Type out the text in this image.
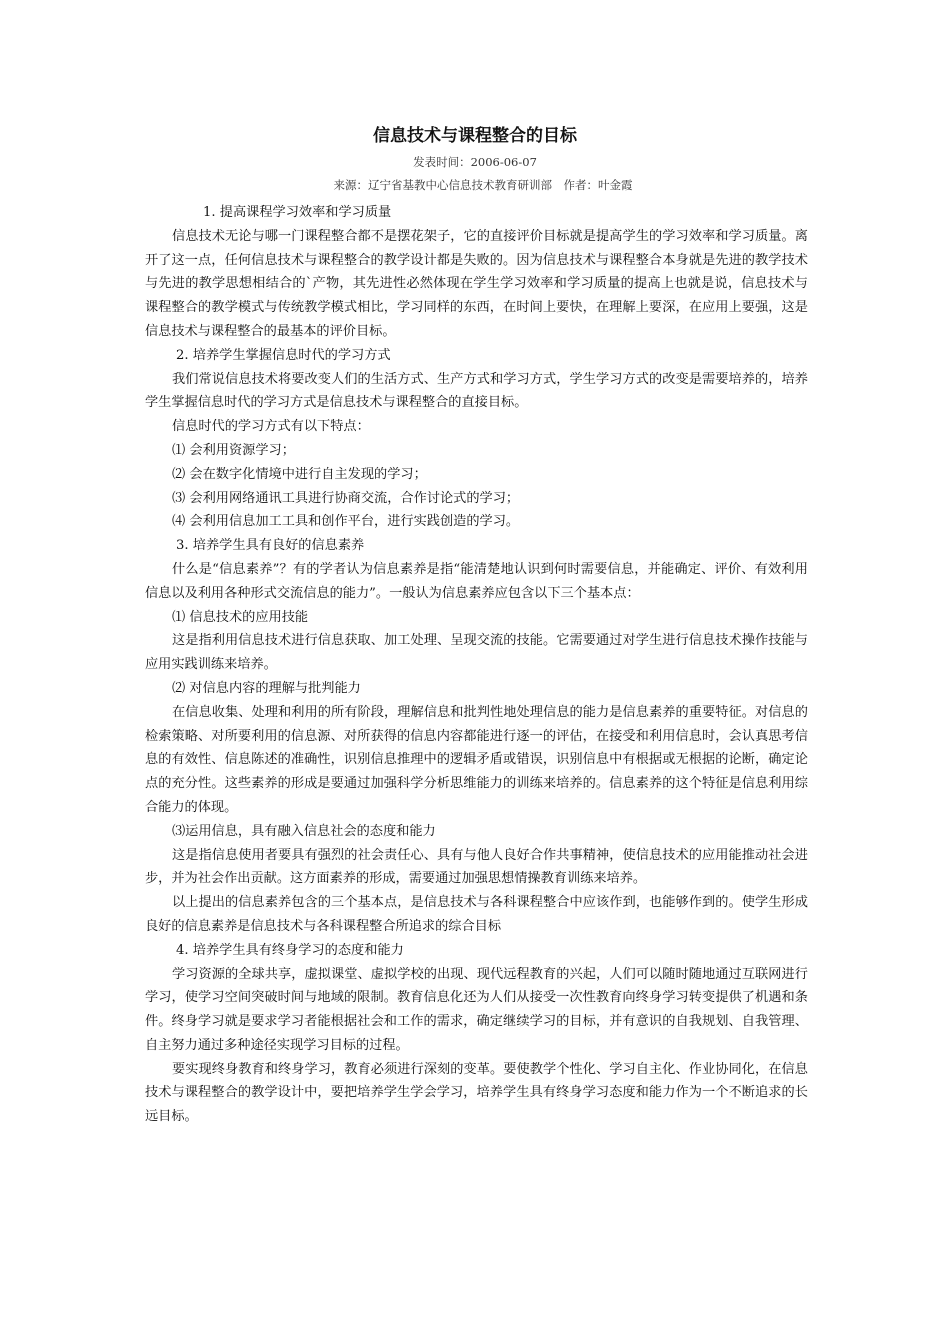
信息技术与课程整合的目标
发表时间：2006-06-07
来源：辽宁省基教中心信息技术教育研训部　作者：叶金霞

1. 提高课程学习效率和学习质量

信息技术无论与哪一门课程整合都不是摆花架子，它的直接评价目标就是提高学生的学习效率和学习质量。离开了这一点，任何信息技术与课程整合的教学设计都是失败的。因为信息技术与课程整合本身就是先进的教学技术与先进的教学思想相结合的`产物，其先进性必然体现在学生学习效率和学习质量的提高上也就是说，信息技术与课程整合的教学模式与传统教学模式相比，学习同样的东西，在时间上要快，在理解上要深，在应用上要强，这是信息技术与课程整合的最基本的评价目标。

2. 培养学生掌握信息时代的学习方式

我们常说信息技术将要改变人们的生活方式、生产方式和学习方式，学生学习方式的改变是需要培养的，培养学生掌握信息时代的学习方式是信息技术与课程整合的直接目标。

信息时代的学习方式有以下特点：

⑴ 会利用资源学习；

⑵ 会在数字化情境中进行自主发现的学习；

⑶ 会利用网络通讯工具进行协商交流，合作讨论式的学习；

⑷ 会利用信息加工工具和创作平台，进行实践创造的学习。

3. 培养学生具有良好的信息素养

什么是“信息素养”？有的学者认为信息素养是指“能清楚地认识到何时需要信息，并能确定、评价、有效利用信息以及利用各种形式交流信息的能力”。一般认为信息素养应包含以下三个基本点：

⑴ 信息技术的应用技能

这是指利用信息技术进行信息获取、加工处理、呈现交流的技能。它需要通过对学生进行信息技术操作技能与应用实践训练来培养。

⑵ 对信息内容的理解与批判能力

在信息收集、处理和利用的所有阶段，理解信息和批判性地处理信息的能力是信息素养的重要特征。对信息的检索策略、对所要利用的信息源、对所获得的信息内容都能进行逐一的评估，在接受和利用信息时，会认真思考信息的有效性、信息陈述的准确性，识别信息推理中的逻辑矛盾或错误，识别信息中有根据或无根据的论断，确定论点的充分性。这些素养的形成是要通过加强科学分析思维能力的训练来培养的。信息素养的这个特征是信息利用综合能力的体现。

⑶运用信息，具有融入信息社会的态度和能力

这是指信息使用者要具有强烈的社会责任心、具有与他人良好合作共事精神，使信息技术的应用能推动社会进步，并为社会作出贡献。这方面素养的形成，需要通过加强思想情操教育训练来培养。

以上提出的信息素养包含的三个基本点，是信息技术与各科课程整合中应该作到，也能够作到的。使学生形成良好的信息素养是信息技术与各科课程整合所追求的综合目标

4. 培养学生具有终身学习的态度和能力

学习资源的全球共享，虚拟课堂、虚拟学校的出现、现代远程教育的兴起，人们可以随时随地通过互联网进行学习，使学习空间突破时间与地域的限制。教育信息化还为人们从接受一次性教育向终身学习转变提供了机遇和条件。终身学习就是要求学习者能根据社会和工作的需求，确定继续学习的目标，并有意识的自我规划、自我管理、自主努力通过多种途径实现学习目标的过程。

要实现终身教育和终身学习，教育必须进行深刻的变革。要使教学个性化、学习自主化、作业协同化，在信息技术与课程整合的教学设计中，要把培养学生学会学习，培养学生具有终身学习态度和能力作为一个不断追求的长远目标。
